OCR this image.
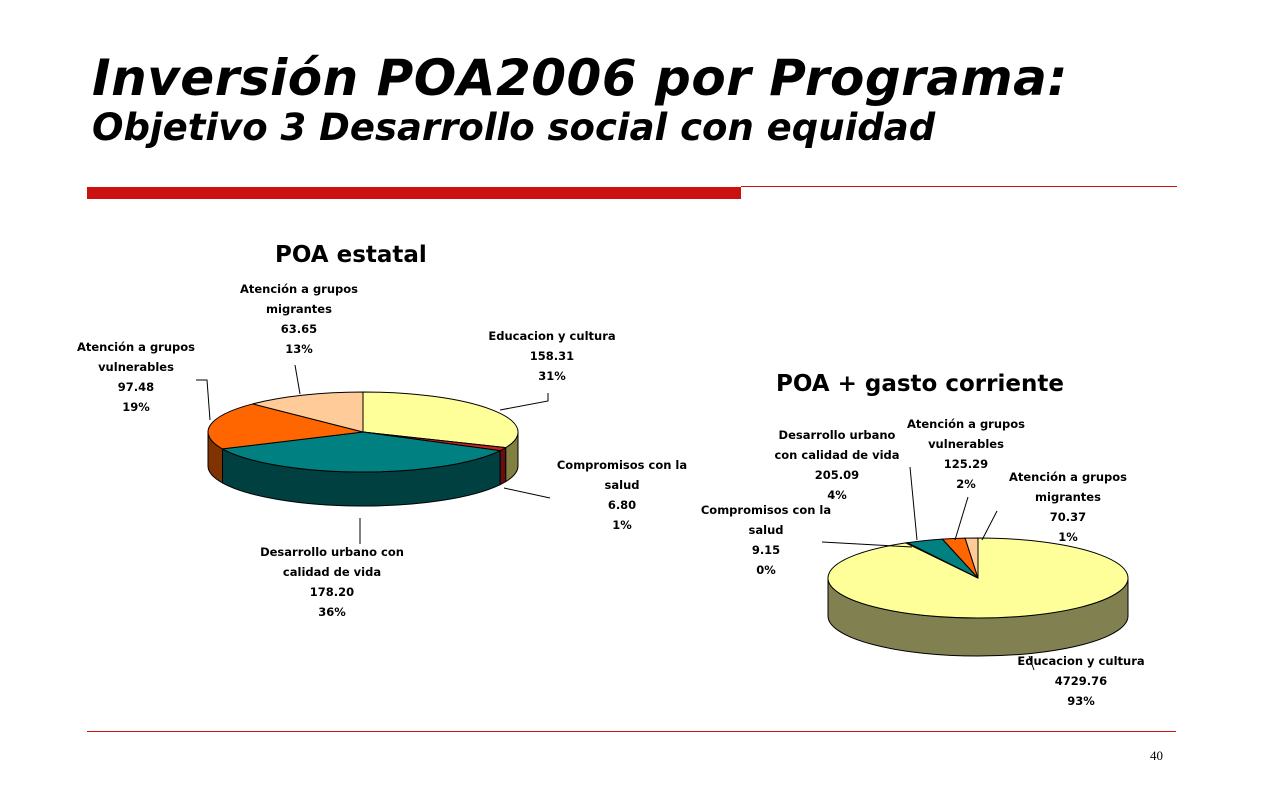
Inversión POA2006 por Programa:
Objetivo 3 Desarrollo social con equidad
POA estatal
POA + gasto corriente
Educacion y cultura 158.31 31%
Compromisos con la salud 6.80 1%
Desarrollo urbano con calidad de vida 178.20 36%
Atención a grupos vulnerables 97.48 19%
Atención a grupos migrantes 63.65 13%
Educacion y cultura 4729.76 93%
Compromisos con la salud 9.15 0%
Desarrollo urbano con calidad de vida 205.09 4%
Atención a grupos vulnerables 125.29 2%	Atención a grupos migrantes 70.37 1%
40
